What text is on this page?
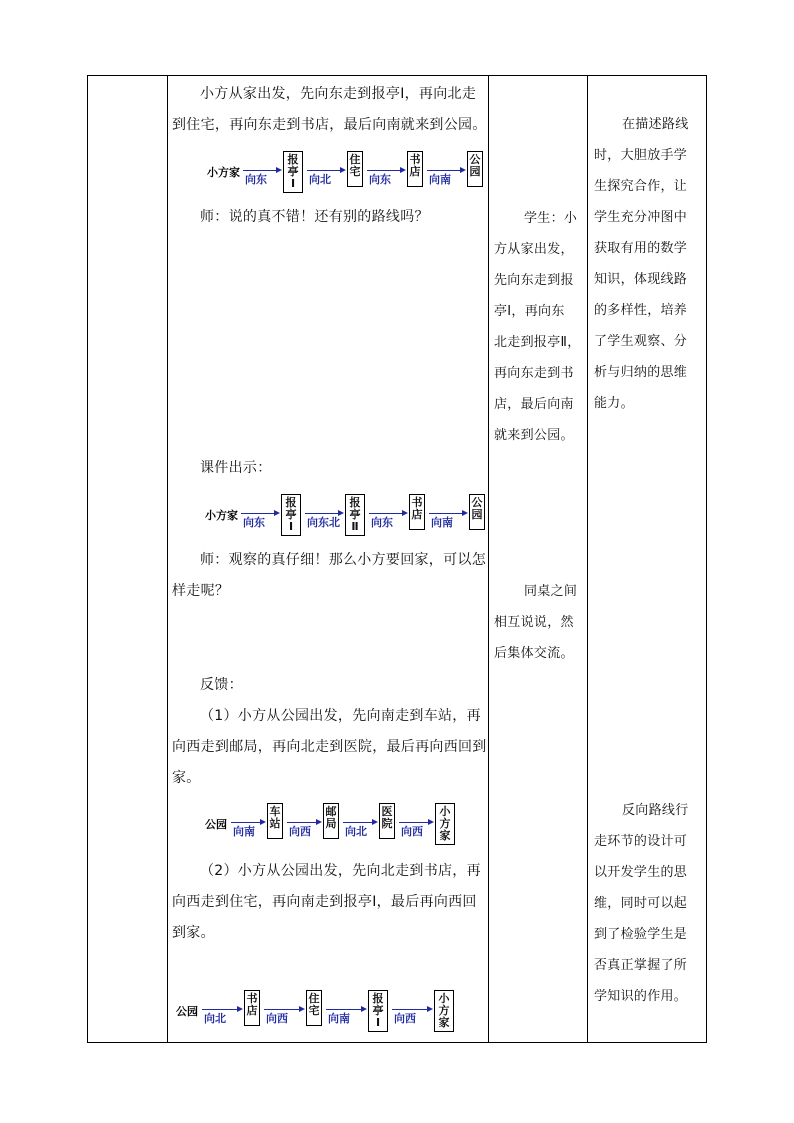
小方从家出发，先向东走到报亭Ⅰ，再向北走
到住宅，再向东走到书店，最后向南就来到公园。
小方家
向东
报
亭
Ⅰ	向北
住
宅
向东
书
店
向南
公
园
师：说的真不错！还有别的路线吗？
课件出示：
小方家
向东
报
亭
Ⅰ	向东北
报
亭
Ⅱ	向东
书
店
向南
公
园
师：观察的真仔细！那么小方要回家，可以怎
样走呢？
反馈：
（1）小方从公园出发，先向南走到车站，再
向西走到邮局，再向北走到医院，最后再向西回到
家。
公园
向南
车
站
向西
邮
局
向北
医
院
向西
小
方
家
（2）小方从公园出发，先向北走到书店，再
向西走到住宅，再向南走到报亭Ⅰ，最后再向西回
到家。
公园
向北
书
店
向西
住
宅
向南
报
亭
Ⅰ	向西
小
方
家
学生：小
方从家出发，
先向东走到报
亭Ⅰ，再向东
北走到报亭Ⅱ，
再向东走到书
店，最后向南
就来到公园。
同桌之间
相互说说，然
后集体交流。
在描述路线
时，大胆放手学
生探究合作，让
学生充分冲图中
获取有用的数学
知识，体现线路
的多样性，培养
了学生观察、分
析与归纳的思维
能力。
反向路线行
走环节的设计可
以开发学生的思
维，同时可以起
到了检验学生是
否真正掌握了所
学知识的作用。
